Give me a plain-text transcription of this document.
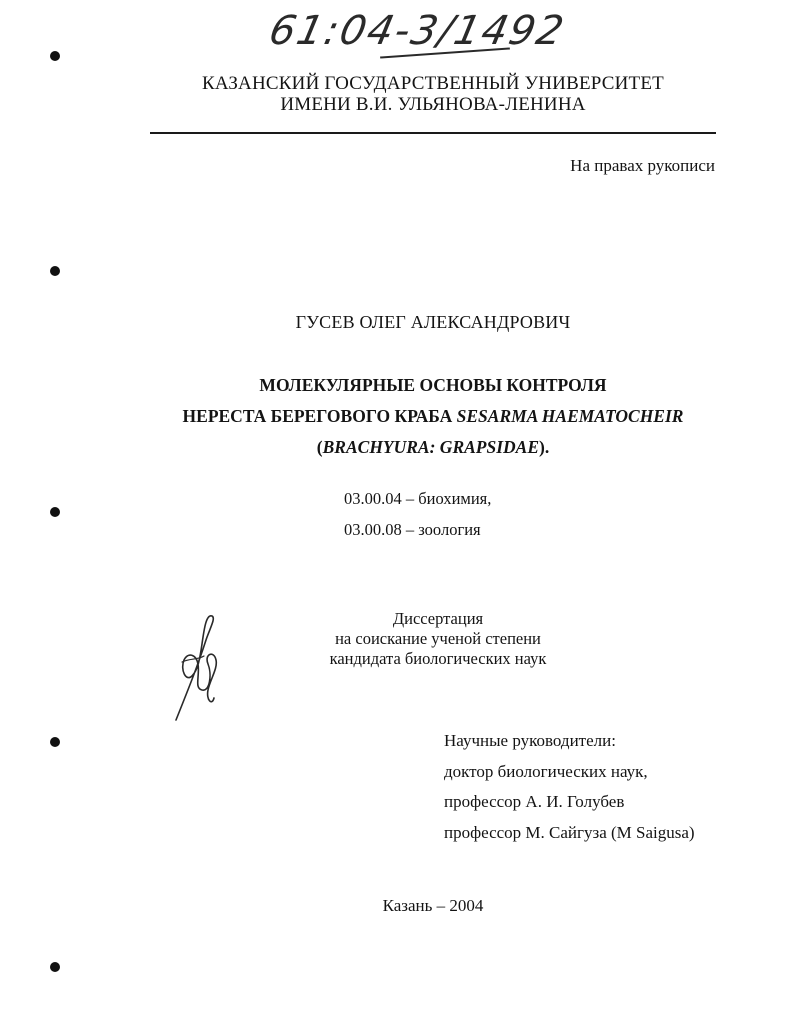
61:04-3/1492
КАЗАНСКИЙ ГОСУДАРСТВЕННЫЙ УНИВЕРСИТЕТ
ИМЕНИ В.И. УЛЬЯНОВА-ЛЕНИНА
На правах рукописи
ГУСЕВ ОЛЕГ АЛЕКСАНДРОВИЧ
МОЛЕКУЛЯРНЫЕ ОСНОВЫ КОНТРОЛЯ
НЕРЕСТА БЕРЕГОВОГО КРАБА SESARMA HAEMATOCHEIR
(BRACHYURA: GRAPSIDAE).
03.00.04 – биохимия,
03.00.08 – зоология
Диссертация
на соискание ученой степени
кандидата биологических наук
Научные руководители:
доктор биологических наук,
профессор А. И. Голубев
профессор М. Сайгуза (M Saigusa)
Казань – 2004
